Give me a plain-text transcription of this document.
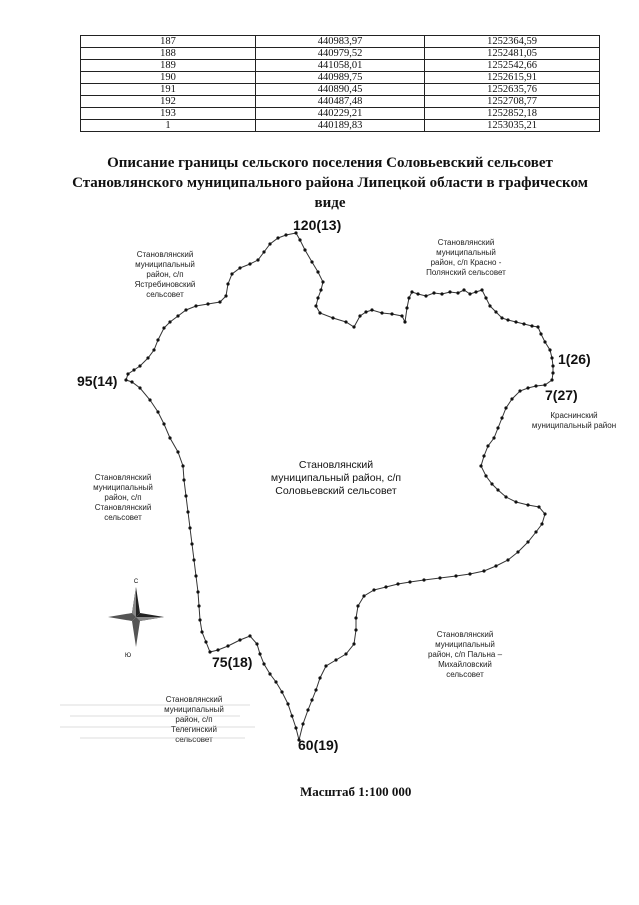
187	440983,97	1252364,59
188	440979,52	1252481,05
189	441058,01	1252542,66
190	440989,75	1252615,91
191	440890,45	1252635,76
192	440487,48	1252708,77
193	440229,21	1252852,18
1	440189,83	1253035,21
Описание границы сельского поселения Соловьевский сельсовет
Становлянского муниципального района Липецкой области в графическом
виде
120(13)
1(26)
7(27)
95(14)
75(18)
60(19)
Становлянский
муниципальный район, с/п
Соловьевский сельсовет
Становлянский
муниципальный
район, с/п
Ястребиновский
сельсовет
Становлянский
муниципальный
район, с/п Красно -
Полянский сельсовет
Краснинский
муниципальный район
Становлянский
муниципальный
район, с/п
Становлянский
сельсовет
Становлянский
муниципальный
район, с/п Пальна –
Михайловский
сельсовет
Становлянский
муниципальный
район, с/п
Телегинский
сельсовет
С
Ю
Масштаб 1:100 000
